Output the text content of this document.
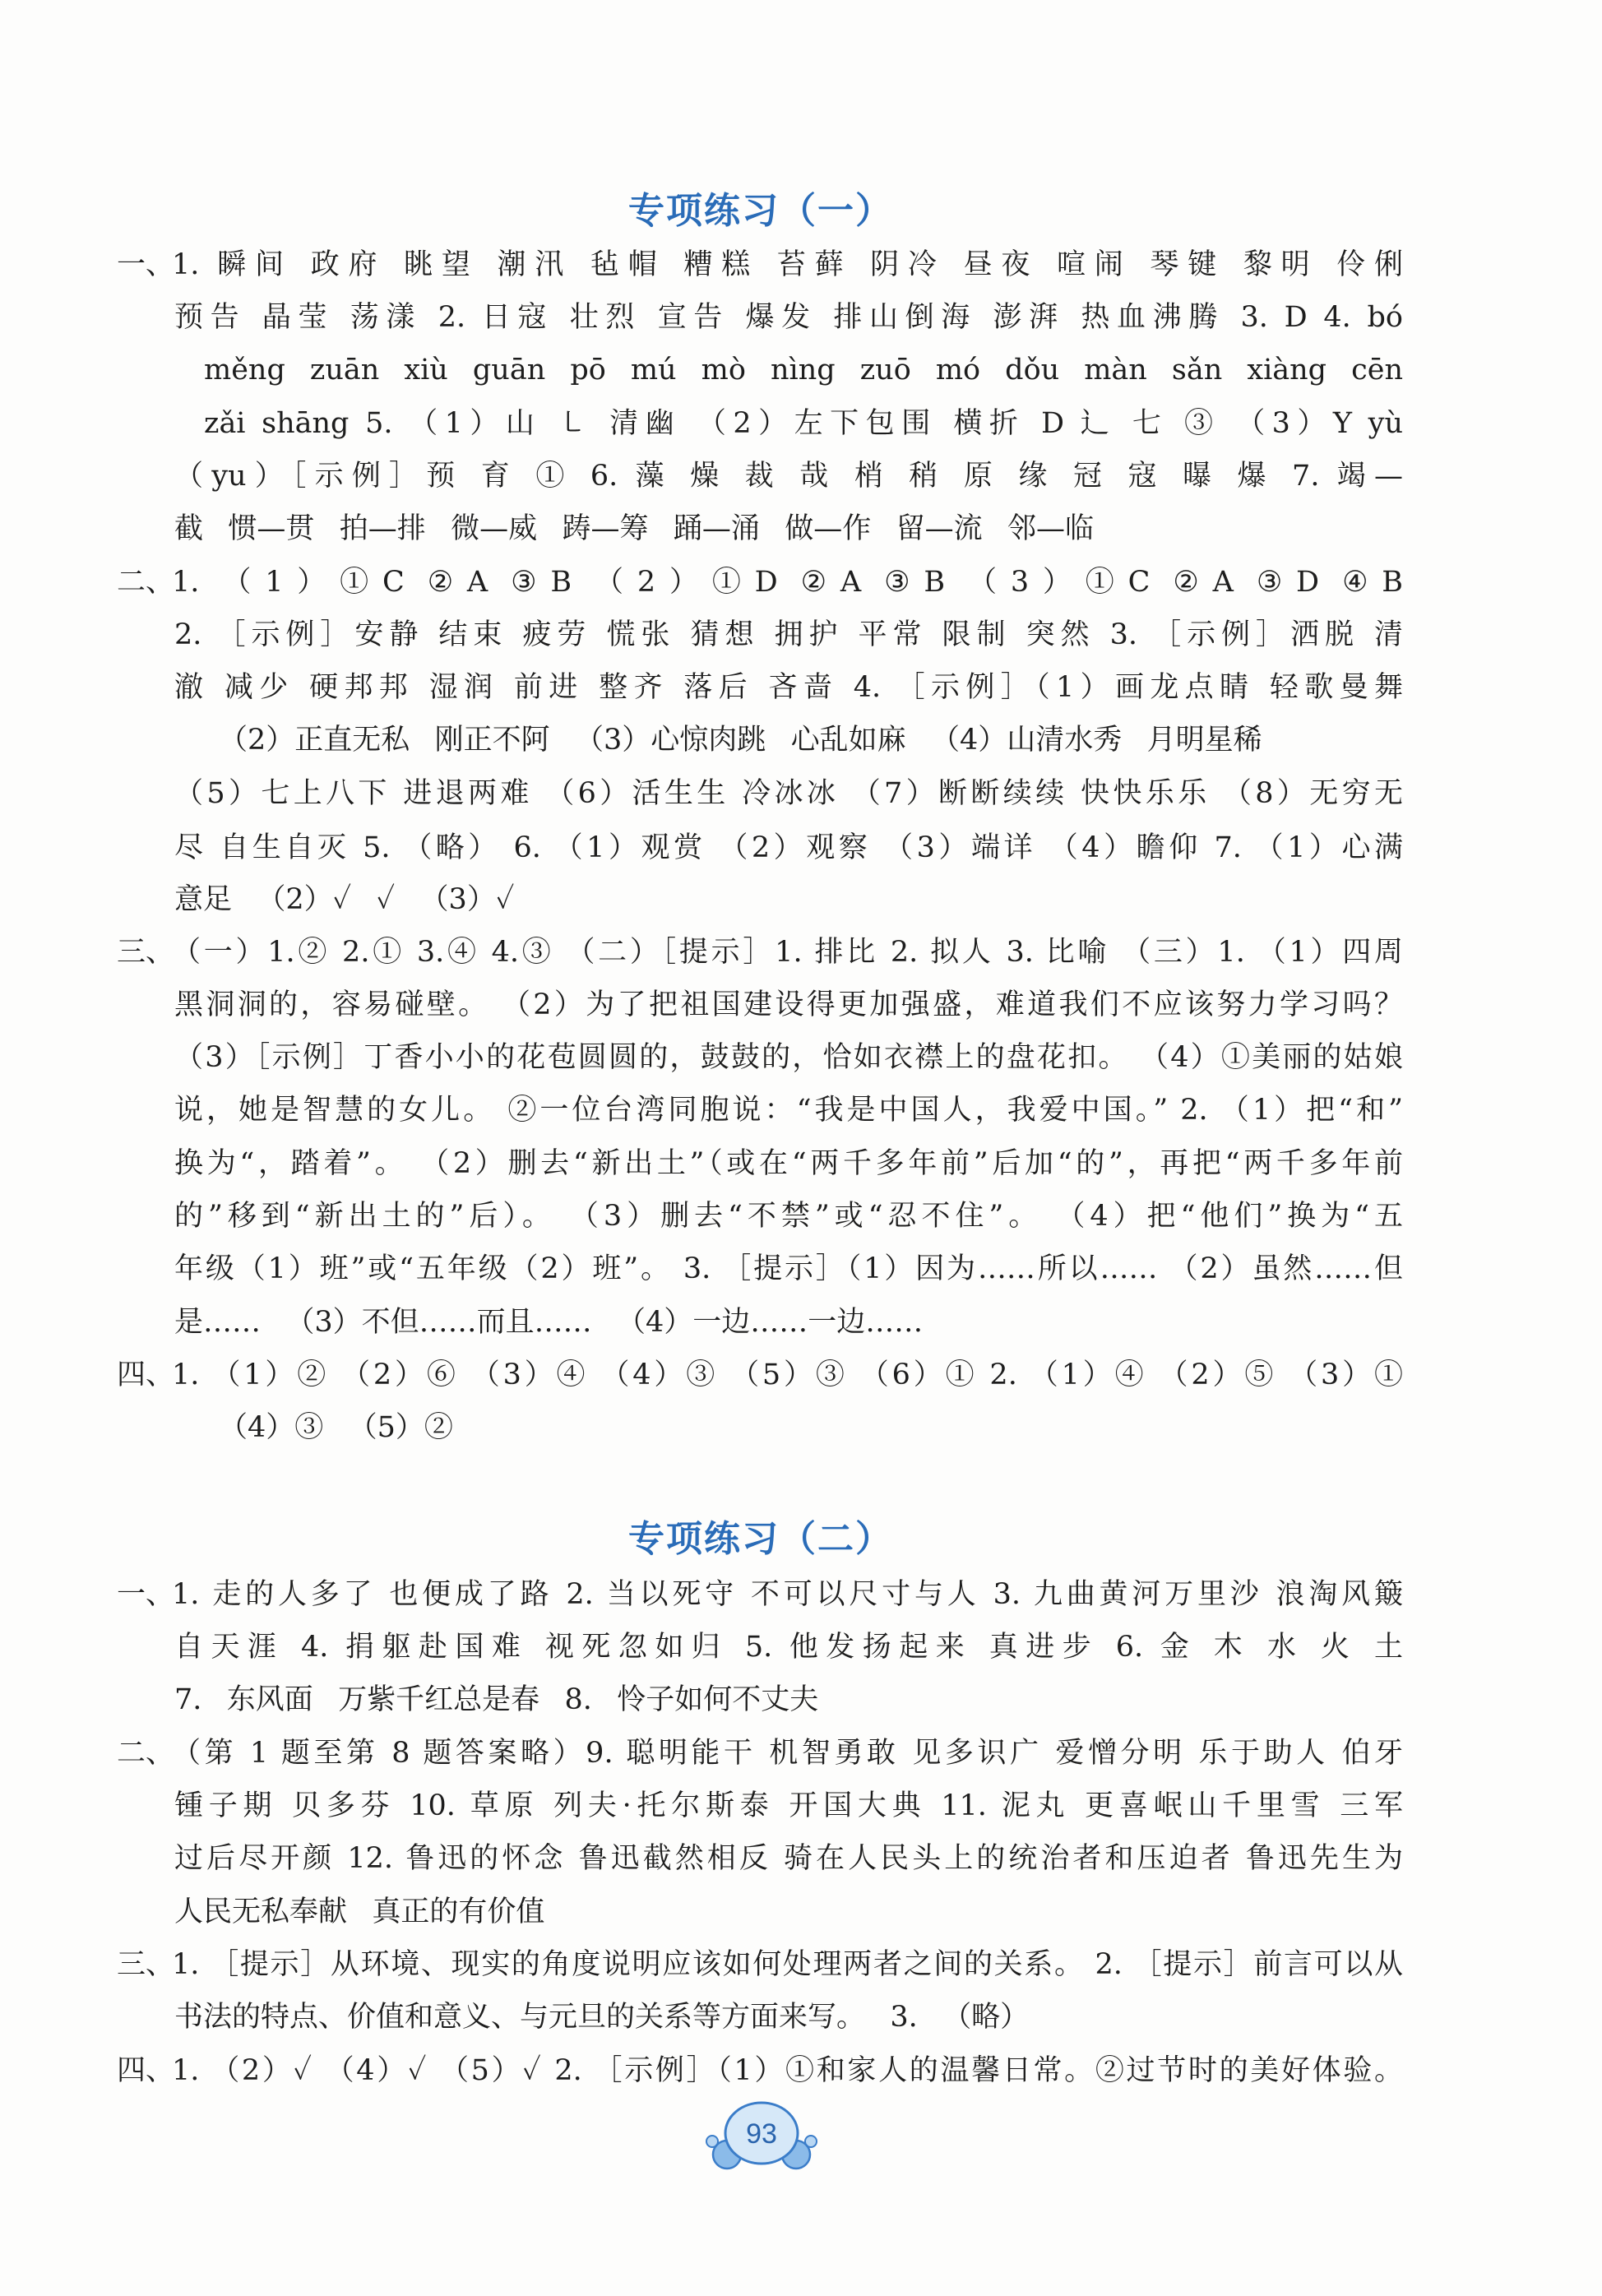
专项练习（一）
一、
1. 瞬间 政府 眺望 潮汛 毡帽 糟糕 苔藓 阴冷 昼夜 喧闹 琴键 黎明 伶俐
预告 晶莹 荡漾 2. 日寇 壮烈 宣告 爆发 排山倒海 澎湃 热血沸腾 3. D 4. bó
měng zuān xiù guān pō mú mò nìng zuō mó dǒu màn sǎn xiàng cēn
zǎi shāng 5. （1）山 ㇄ 清幽 （2）左下包围 横折 D 辶 七 ③ （3）Y yù
（yu）［示例］预 育 ① 6. 藻 燥 裁 哉 梢 稍 原 缘 冠 寇 曝 爆 7. 竭—
截 惯—贯 拍—排 微—威 踌—筹 踊—涌 做—作 留—流 邻—临
二、
1. （1）①C ②A ③B （2）①D ②A ③B （3）①C ②A ③D ④B
2. ［示例］安静 结束 疲劳 慌张 猜想 拥护 平常 限制 突然 3. ［示例］洒脱 清
澈 减少 硬邦邦 湿润 前进 整齐 落后 吝啬 4. ［示例］（1）画龙点睛 轻歌曼舞
（2）正直无私 刚正不阿 （3）心惊肉跳 心乱如麻 （4）山清水秀 月明星稀
（5）七上八下 进退两难 （6）活生生 冷冰冰 （7）断断续续 快快乐乐 （8）无穷无
尽 自生自灭 5. （略） 6. （1）观赏 （2）观察 （3）端详 （4）瞻仰 7. （1）心满
意足 （2）✓ ✓ （3）✓
三、
（一）1.② 2.① 3.④ 4.③ （二）［提示］1. 排比 2. 拟人 3. 比喻 （三）1. （1）四周
黑洞洞的，容易碰壁。 （2）为了把祖国建设得更加强盛，难道我们不应该努力学习吗？
（3）［示例］丁香小小的花苞圆圆的，鼓鼓的，恰如衣襟上的盘花扣。 （4）①美丽的姑娘
说，她是智慧的女儿。 ②一位台湾同胞说：“我是中国人，我爱中国。” 2. （1）把“和”
换为“，踏着”。 （2）删去“新出土”（或在“两千多年前”后加“的”，再把“两千多年前
的”移到“新出土的”后）。 （3）删去“不禁”或“忍不住”。 （4）把“他们”换为“五
年级（1）班”或“五年级（2）班”。 3. ［提示］（1）因为……所以…… （2）虽然……但
是…… （3）不但……而且…… （4）一边……一边……
四、
1. （1）② （2）⑥ （3）④ （4）③ （5）③ （6）① 2. （1）④ （2）⑤ （3）①
（4）③ （5）②
专项练习（二）
一、
1. 走的人多了 也便成了路 2. 当以死守 不可以尺寸与人 3. 九曲黄河万里沙 浪淘风簸
自天涯 4. 捐躯赴国难 视死忽如归 5. 他发扬起来 真进步 6. 金 木 水 火 土
7. 东风面 万紫千红总是春 8. 怜子如何不丈夫
二、
（第 1 题至第 8 题答案略）9. 聪明能干 机智勇敢 见多识广 爱憎分明 乐于助人 伯牙
锺子期 贝多芬 10. 草原 列夫·托尔斯泰 开国大典 11. 泥丸 更喜岷山千里雪 三军
过后尽开颜 12. 鲁迅的怀念 鲁迅截然相反 骑在人民头上的统治者和压迫者 鲁迅先生为
人民无私奉献 真正的有价值
三、
1. ［提示］从环境、现实的角度说明应该如何处理两者之间的关系。 2. ［提示］前言可以从
书法的特点、价值和意义、与元旦的关系等方面来写。 3. （略）
四、
1. （2）✓ （4）✓ （5）✓ 2. ［示例］（1）①和家人的温馨日常。②过节时的美好体验。
93
